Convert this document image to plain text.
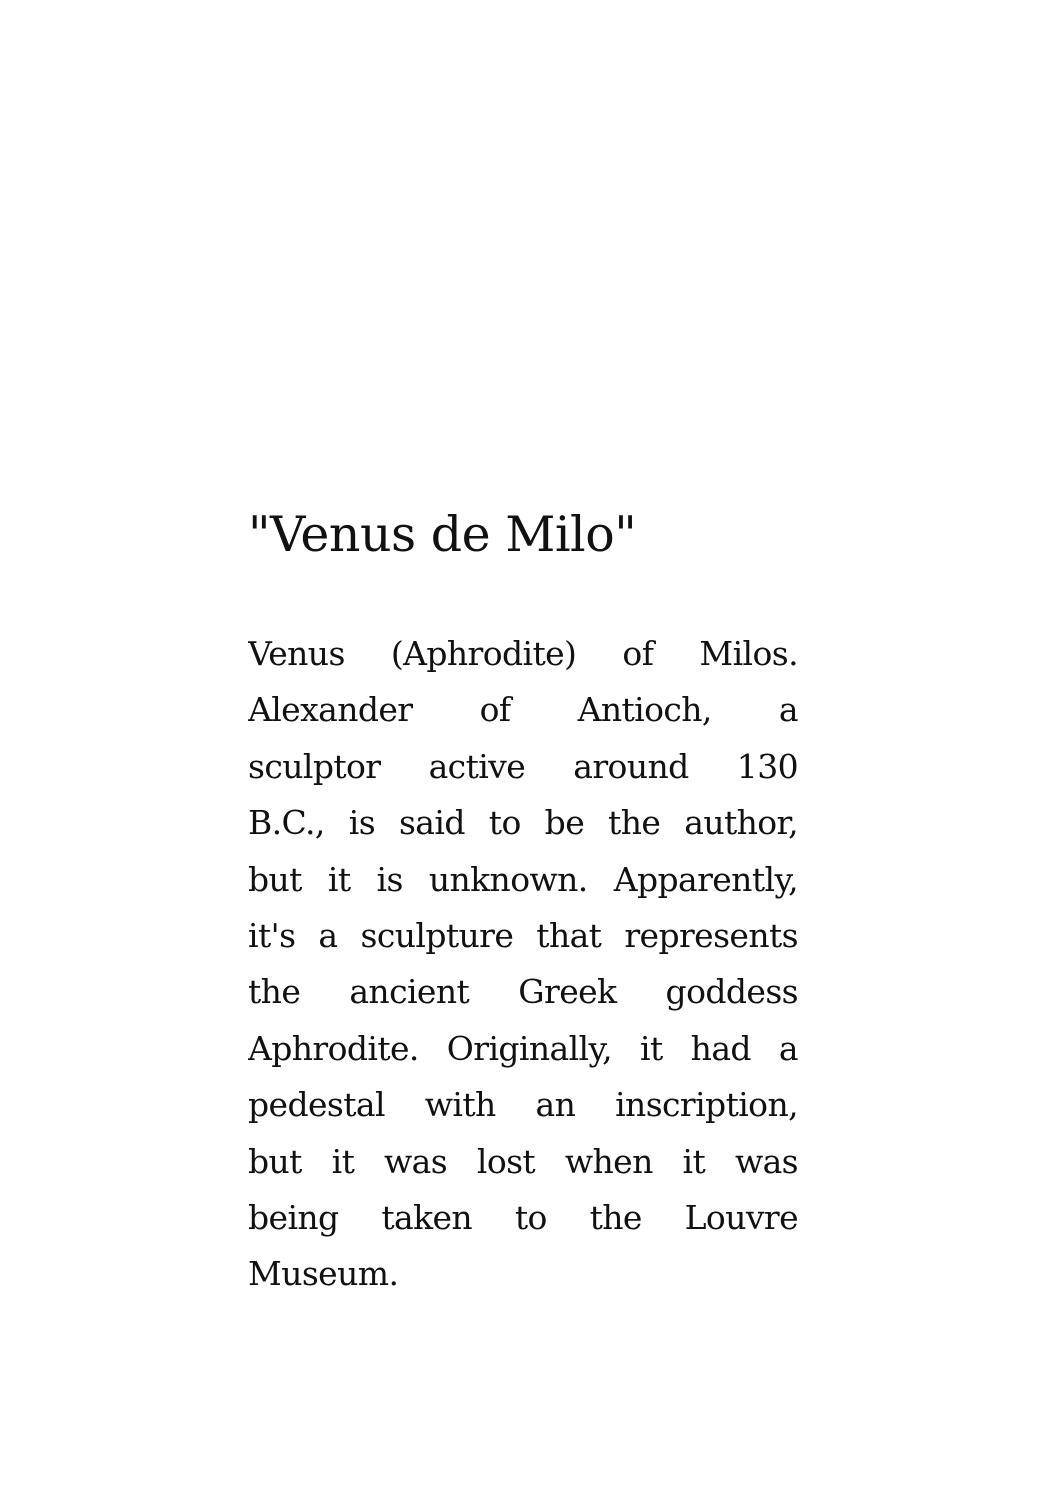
"Venus de Milo"
Venus (Aphrodite) of Milos.
Alexander of Antioch, a
sculptor active around 130
B.C., is said to be the author,
but it is unknown. Apparently,
it's a sculpture that represents
the ancient Greek goddess
Aphrodite. Originally, it had a
pedestal with an inscription,
but it was lost when it was
being taken to the Louvre
Museum.
